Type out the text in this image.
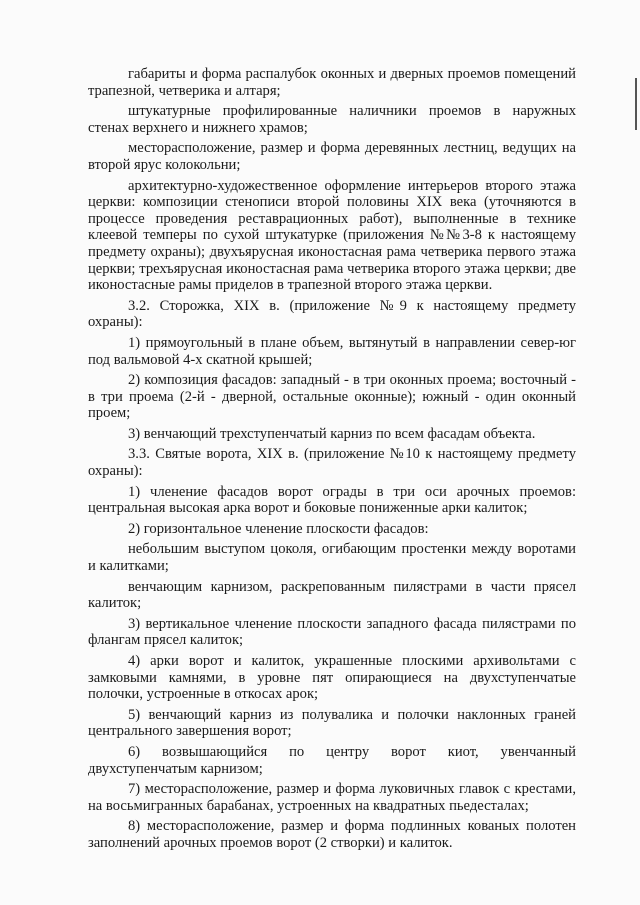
габариты и форма распалубок оконных и дверных проемов помещений трапезной, четверика и алтаря;

штукатурные профилированные наличники проемов в наружных стенах верхнего и нижнего храмов;

месторасположение, размер и форма деревянных лестниц, ведущих на второй ярус колокольни;

архитектурно-художественное оформление интерьеров второго этажа церкви: композиции стенописи второй половины XIX века (уточняются в процессе проведения реставрационных работ), выполненные в технике клеевой темперы по сухой штукатурке (приложения №№3-8 к настоящему предмету охраны); двухъярусная иконостасная рама четверика первого этажа церкви; трехъярусная иконостасная рама четверика второго этажа церкви; две иконостасные рамы приделов в трапезной второго этажа церкви.

3.2. Сторожка, XIX в. (приложение №9 к настоящему предмету охраны):

1) прямоугольный в плане объем, вытянутый в направлении север-юг под вальмовой 4-х скатной крышей;

2) композиция фасадов: западный - в три оконных проема; восточный - в три проема (2-й - дверной, остальные оконные); южный - один оконный проем;

3) венчающий трехступенчатый карниз по всем фасадам объекта.

3.3. Святые ворота, XIX в. (приложение №10 к настоящему предмету охраны):

1) членение фасадов ворот ограды в три оси арочных проемов: центральная высокая арка ворот и боковые пониженные арки калиток;

2) горизонтальное членение плоскости фасадов:

небольшим выступом цоколя, огибающим простенки между воротами и калитками;

венчающим карнизом, раскрепованным пилястрами в части прясел калиток;

3) вертикальное членение плоскости западного фасада пилястрами по флангам прясел калиток;

4) арки ворот и калиток, украшенные плоскими архивольтами с замковыми камнями, в уровне пят опирающиеся на двухступенчатые полочки, устроенные в откосах арок;

5) венчающий карниз из полувалика и полочки наклонных граней центрального завершения ворот;

6) возвышающийся по центру ворот киот, увенчанный двухступенчатым карнизом;

7) месторасположение, размер и форма луковичных главок с крестами, на восьмигранных барабанах, устроенных на квадратных пьедесталах;

8) месторасположение, размер и форма подлинных кованых полотен заполнений арочных проемов ворот (2 створки) и калиток.
